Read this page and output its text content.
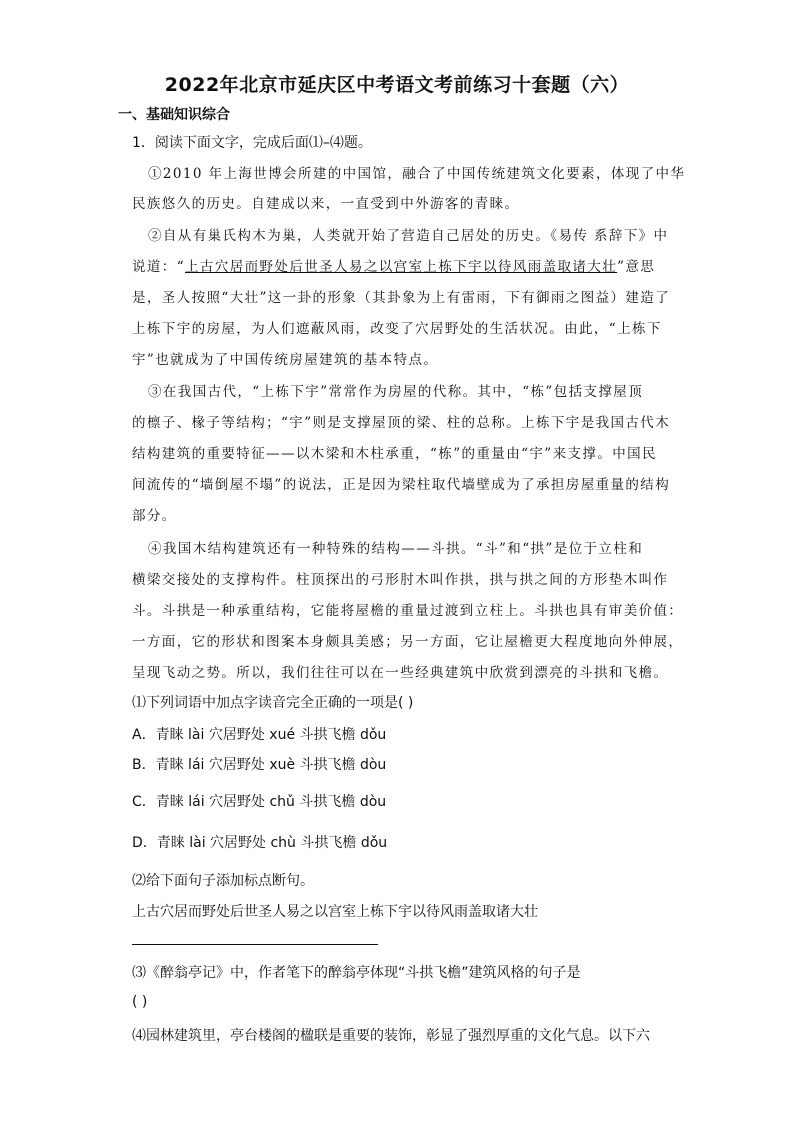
2022年北京市延庆区中考语文考前练习十套题（六）
一、基础知识综合
1．阅读下面文字，完成后面⑴–⑷题。
①2010 年上海世博会所建的中国馆，融合了中国传统建筑文化要素，体现了中华
民族悠久的历史。自建成以来，一直受到中外游客的青睐。
②自从有巢氏构木为巢，人类就开始了营造自己居处的历史。《易传 系辞下》中
说道：“上古穴居而野处后世圣人易之以宫室上栋下宇以待风雨盖取诸大壮”意思
是，圣人按照“大壮”这一卦的形象（其卦象为上有雷雨，下有御雨之图益）建造了
上栋下宇的房屋，为人们遮蔽风雨，改变了穴居野处的生活状况。由此，“上栋下
宇”也就成为了中国传统房屋建筑的基本特点。
③在我国古代，“上栋下宇”常常作为房屋的代称。其中，“栋”包括支撑屋顶
的檩子、椽子等结构；“宇”则是支撑屋顶的梁、柱的总称。上栋下宇是我国古代木
结构建筑的重要特征——以木梁和木柱承重，“栋”的重量由“宇”来支撑。中国民
间流传的“墙倒屋不塌”的说法，正是因为梁柱取代墙壁成为了承担房屋重量的结构
部分。
④我国木结构建筑还有一种特殊的结构——斗拱。“斗”和“拱”是位于立柱和
横梁交接处的支撑构件。柱顶探出的弓形肘木叫作拱，拱与拱之间的方形垫木叫作
斗。斗拱是一种承重结构，它能将屋檐的重量过渡到立柱上。斗拱也具有审美价值：
一方面，它的形状和图案本身颇具美感；另一方面，它让屋檐更大程度地向外伸展，
呈现飞动之势。所以，我们往往可以在一些经典建筑中欣赏到漂亮的斗拱和飞檐。
⑴下列词语中加点字读音完全正确的一项是( )
A．青睐 lài 穴居野处 xué 斗拱飞檐 dǒu
B．青睐 lái 穴居野处 xuè 斗拱飞檐 dòu
C．青睐 lái 穴居野处 chǔ 斗拱飞檐 dòu
D．青睐 lài 穴居野处 chù 斗拱飞檐 dǒu
⑵给下面句子添加标点断句。
上古穴居而野处后世圣人易之以宫室上栋下宇以待风雨盖取诸大壮
⑶《醉翁亭记》中，作者笔下的醉翁亭体现“斗拱飞檐”建筑风格的句子是
( )
⑷园林建筑里，亭台楼阁的楹联是重要的装饰，彰显了强烈厚重的文化气息。以下六
